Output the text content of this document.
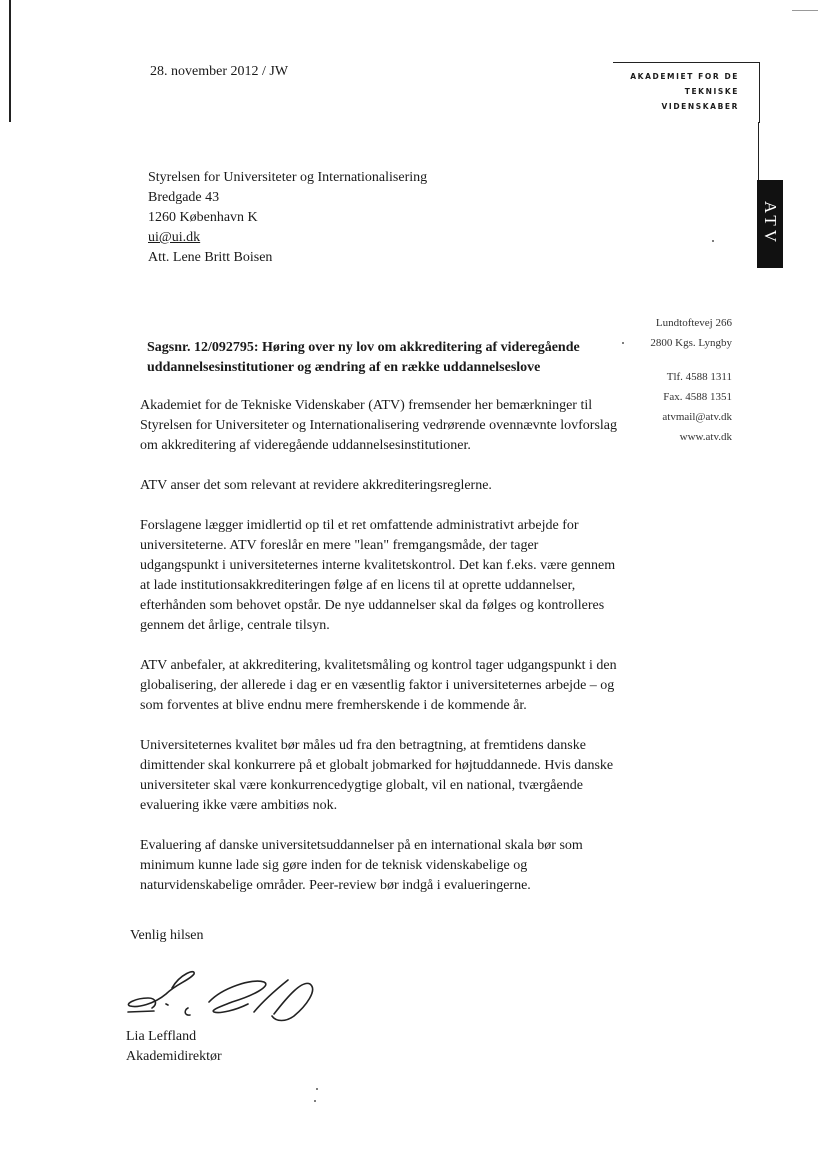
28. november 2012 / JW	AKADEMIET FOR DE
TEKNISKE
VIDENSKABER
ATV
Styrelsen for Universiteter og Internationalisering
Bredgade 43
1260 København K
ui@ui.dk
Att. Lene Britt Boisen
Lundtoftevej 266
2800 Kgs. Lyngby
Tlf. 4588 1311
Fax. 4588 1351
atvmail@atv.dk
www.atv.dk
Sagsnr. 12/092795: Høring over ny lov om akkreditering af videregående uddannelsesinstitutioner og ændring af en række uddannelseslove

Akademiet for de Tekniske Videnskaber (ATV) fremsender her bemærkninger til Styrelsen for Universiteter og Internationalisering vedrørende ovennævnte lovforslag om akkreditering af videregående uddannelsesinstitutioner.

ATV anser det som relevant at revidere akkrediteringsreglerne.

Forslagene lægger imidlertid op til et ret omfattende administrativt arbejde for universiteterne. ATV foreslår en mere "lean" fremgangsmåde, der tager udgangspunkt i universiteternes interne kvalitetskontrol. Det kan f.eks. være gennem at lade institutionsakkrediteringen følge af en licens til at oprette uddannelser, efterhånden som behovet opstår. De nye uddannelser skal da følges og kontrolleres gennem det årlige, centrale tilsyn.

ATV anbefaler, at akkreditering, kvalitetsmåling og kontrol tager udgangspunkt i den globalisering, der allerede i dag er en væsentlig faktor i universiteternes arbejde – og som forventes at blive endnu mere fremherskende i de kommende år.

Universiteternes kvalitet bør måles ud fra den betragtning, at fremtidens danske dimittender skal konkurrere på et globalt jobmarked for højtuddannede. Hvis danske universiteter skal være konkurrencedygtige globalt, vil en national, tværgående evaluering ikke være ambitiøs nok.

Evaluering af danske universitetsuddannelser på en international skala bør som minimum kunne lade sig gøre inden for de teknisk videnskabelige og naturvidenskabelige områder. Peer-review bør indgå i evalueringerne.

Venlig hilsen
Lia Leffland
Akademidirektør
